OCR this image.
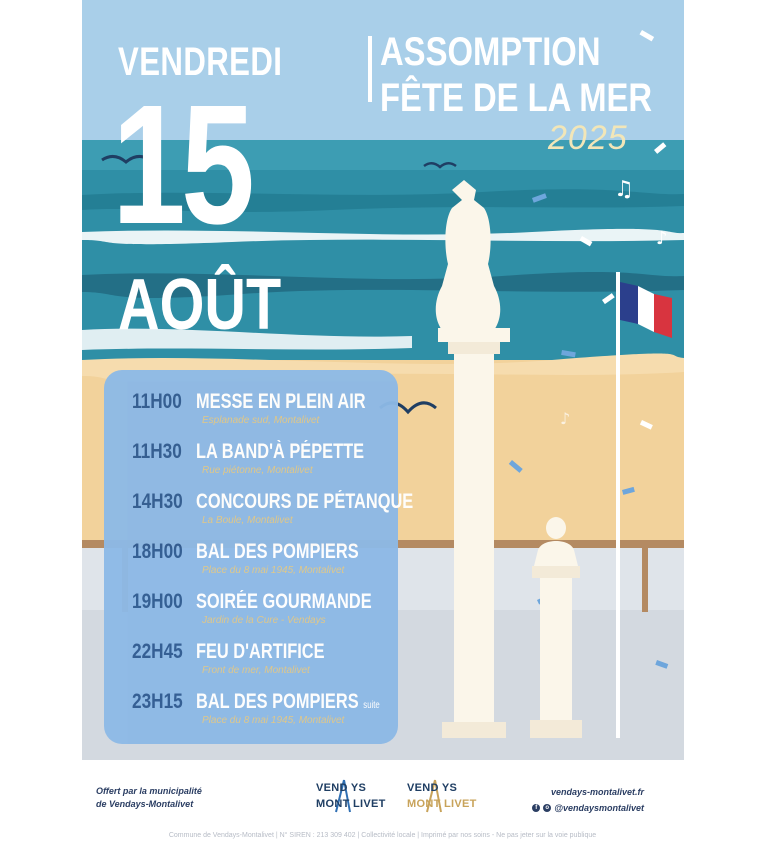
♫
♪
♪
VENDREDI
15
AOÛT
ASSOMPTION
FÊTE DE LA MER
2025
11H00 MESSE EN PLEIN AIR
Esplanade sud, Montalivet
11H30 LA BAND'À PÉPETTE
Rue piétonne, Montalivet
14H30 CONCOURS DE PÉTANQUE
La Boule, Montalivet
18H00 BAL DES POMPIERS
Place du 8 mai 1945, Montalivet
19H00 SOIRÉE GOURMANDE
Jardin de la Cure - Vendays
22H45 FEU D'ARTIFICE
Front de mer, Montalivet
23H15 BAL DES POMPIERS suite
Place du 8 mai 1945, Montalivet
Offert par la municipalité
de Vendays-Montalivet
VEND YS
MONT LIVET
VEND YS
MONT LIVET
vendays-montalivet.fr
f	o @vendaysmontalivet
Commune de Vendays-Montalivet | N° SIREN : 213 309 402 | Collectivité locale | Imprimé par nos soins - Ne pas jeter sur la voie publique
